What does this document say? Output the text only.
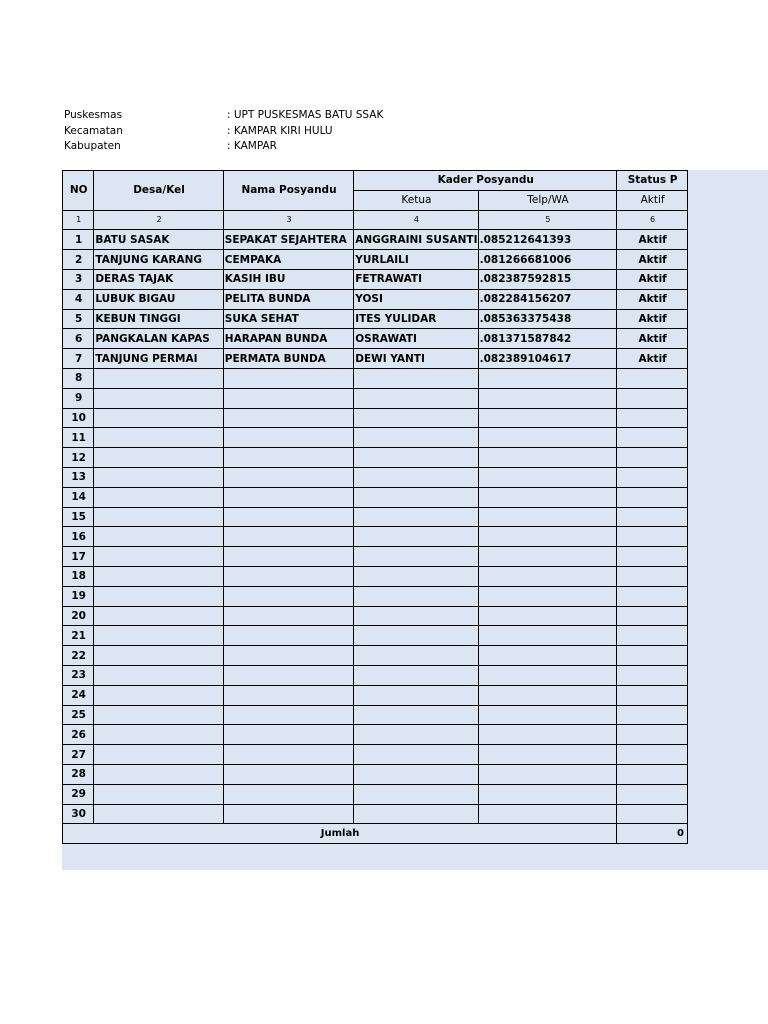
Puskesmas	: UPT PUSKESMAS BATU SSAK
Kecamatan	: KAMPAR KIRI HULU
Kabupaten	: KAMPAR
NO	Desa/Kel	Nama Posyandu	Kader Posyandu		Status P
			Ketua	Telp/WA	Aktif
1	2	3	4	5	6
1	BATU SASAK	SEPAKAT SEJAHTERA	ANGGRAINI SUSANTI	.085212641393	Aktif
2	TANJUNG KARANG	CEMPAKA	YURLAILI	.081266681006	Aktif
3	DERAS TAJAK	KASIH IBU	FETRAWATI	.082387592815	Aktif
4	LUBUK BIGAU	PELITA BUNDA	YOSI	.082284156207	Aktif
5	KEBUN TINGGI	SUKA SEHAT	ITES YULIDAR	.085363375438	Aktif
6	PANGKALAN KAPAS	HARAPAN BUNDA	OSRAWATI	.081371587842	Aktif
7	TANJUNG PERMAI	PERMATA BUNDA	DEWI YANTI	.082389104617	Aktif
8					
9					
10					
11					
12					
13					
14					
15					
16					
17					
18					
19					
20					
21					
22					
23					
24					
25					
26					
27					
28					
29					
30					
Jumlah					0
